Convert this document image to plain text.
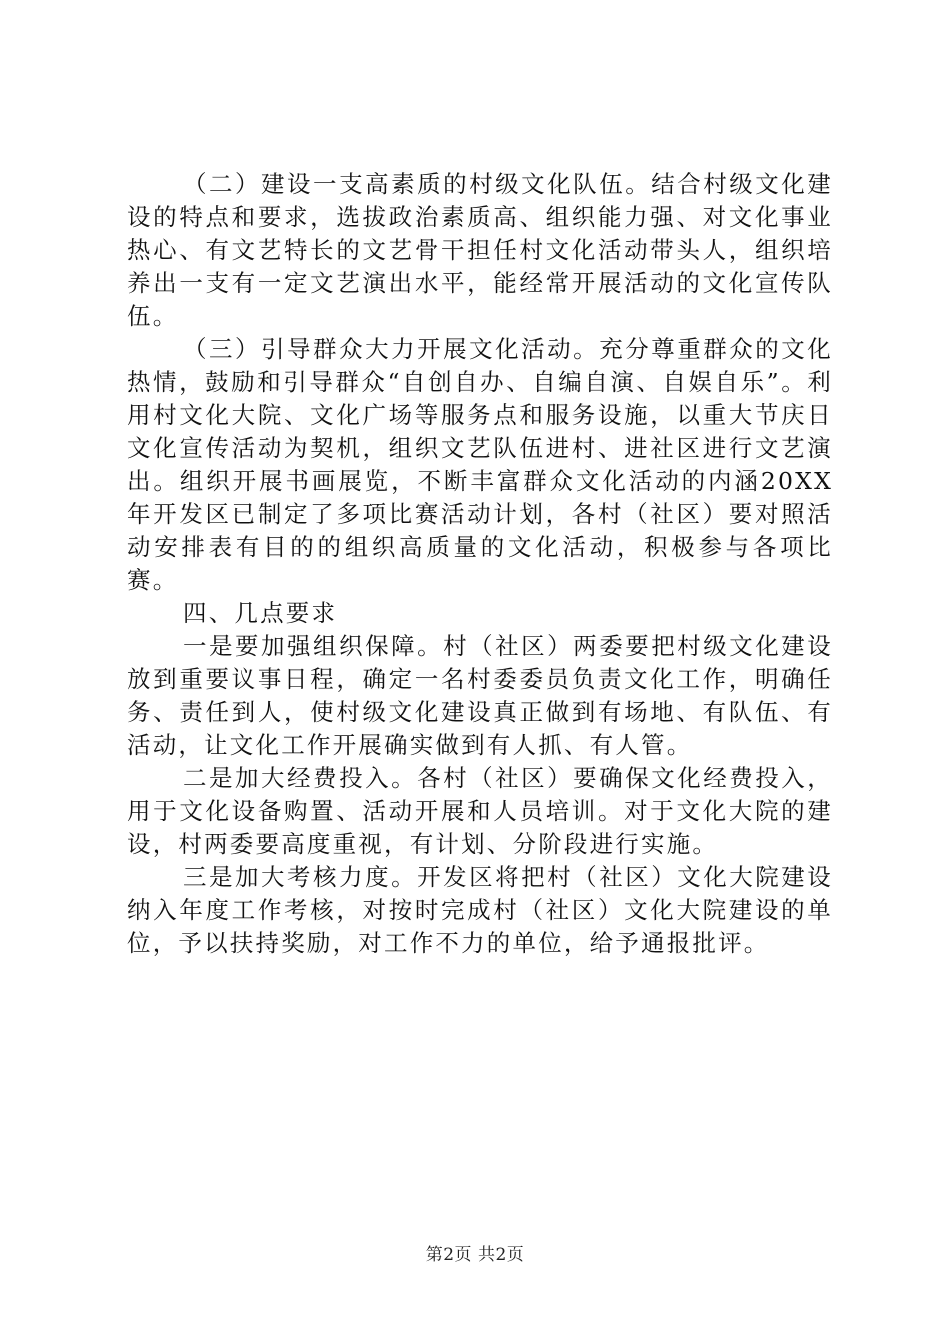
（二）建设一支高素质的村级文化队伍。结合村级文化建设的特点和要求，选拔政治素质高、组织能力强、对文化事业热心、有文艺特长的文艺骨干担任村文化活动带头人，组织培养出一支有一定文艺演出水平，能经常开展活动的文化宣传队伍。

（三）引导群众大力开展文化活动。充分尊重群众的文化热情，鼓励和引导群众“自创自办、自编自演、自娱自乐”。利用村文化大院、文化广场等服务点和服务设施，以重大节庆日文化宣传活动为契机，组织文艺队伍进村、进社区进行文艺演出。组织开展书画展览，不断丰富群众文化活动的内涵20XX年开发区已制定了多项比赛活动计划，各村（社区）要对照活动安排表有目的的组织高质量的文化活动，积极参与各项比赛。

四、几点要求

一是要加强组织保障。村（社区）两委要把村级文化建设放到重要议事日程，确定一名村委委员负责文化工作，明确任务、责任到人，使村级文化建设真正做到有场地、有队伍、有活动，让文化工作开展确实做到有人抓、有人管。

二是加大经费投入。各村（社区）要确保文化经费投入，用于文化设备购置、活动开展和人员培训。对于文化大院的建设，村两委要高度重视，有计划、分阶段进行实施。

三是加大考核力度。开发区将把村（社区）文化大院建设纳入年度工作考核，对按时完成村（社区）文化大院建设的单位，予以扶持奖励，对工作不力的单位，给予通报批评。

第2页 共2页
